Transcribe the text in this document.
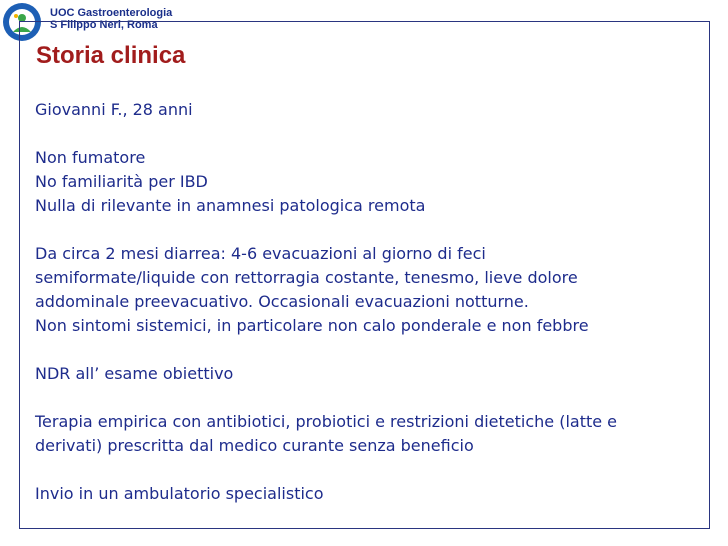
UOC Gastroenterologia
S Filippo Neri, Roma
Storia clinica

Giovanni F., 28 anni

Non fumatore

No familiarità per IBD

Nulla di rilevante in anamnesi patologica remota

Da circa 2 mesi diarrea: 4-6 evacuazioni al giorno di feci

semiformate/liquide con rettorragia costante, tenesmo, lieve dolore

addominale preevacuativo. Occasionali evacuazioni notturne.

Non sintomi sistemici, in particolare non calo ponderale e non febbre

NDR all’ esame obiettivo

Terapia empirica con antibiotici, probiotici e restrizioni dietetiche (latte e

derivati) prescritta dal medico curante senza beneficio

Invio in un ambulatorio specialistico
